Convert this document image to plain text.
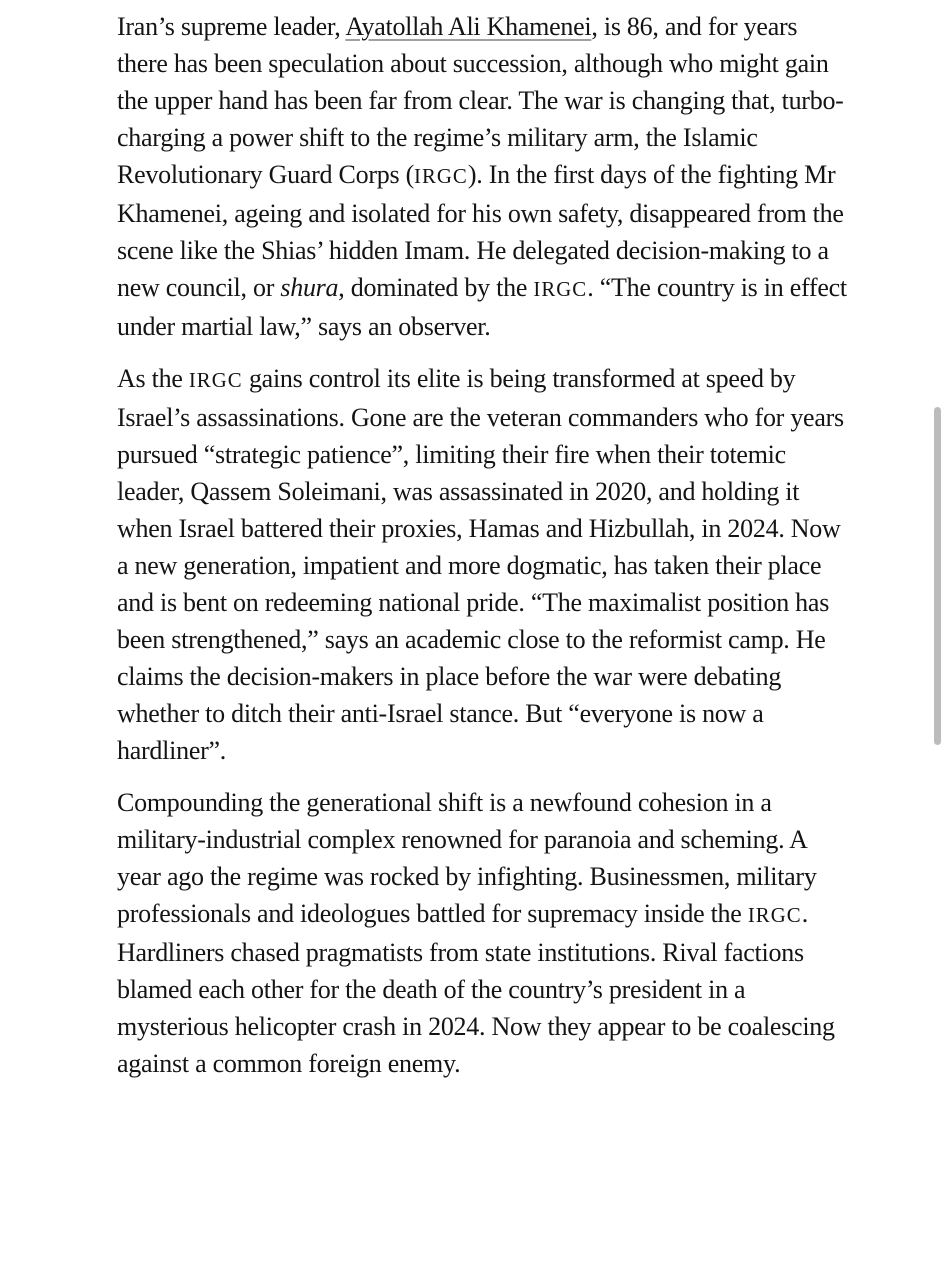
Iran’s supreme leader, Ayatollah Ali Khamenei, is 86, and for years there has been speculation about succession, although who might gain the upper hand has been far from clear. The war is changing that, turbo-charging a power shift to the regime’s military arm, the Islamic Revolutionary Guard Corps (IRGC). In the first days of the fighting Mr Khamenei, ageing and isolated for his own safety, disappeared from the scene like the Shias’ hidden Imam. He delegated decision-making to a new council, or shura, dominated by the IRGC. “The country is in effect under martial law,” says an observer.

As the IRGC gains control its elite is being transformed at speed by Israel’s assassinations. Gone are the veteran commanders who for years pursued “strategic patience”, limiting their fire when their totemic leader, Qassem Soleimani, was assassinated in 2020, and holding it when Israel battered their proxies, Hamas and Hizbullah, in 2024. Now a new generation, impatient and more dogmatic, has taken their place and is bent on redeeming national pride. “The maximalist position has been strengthened,” says an academic close to the reformist camp. He claims the decision-makers in place before the war were debating whether to ditch their anti-Israel stance. But “everyone is now a hardliner”.

Compounding the generational shift is a newfound cohesion in a military-industrial complex renowned for paranoia and scheming. A year ago the regime was rocked by infighting. Businessmen, military professionals and ideologues battled for supremacy inside the IRGC. Hardliners chased pragmatists from state institutions. Rival factions blamed each other for the death of the country’s president in a mysterious helicopter crash in 2024. Now they appear to be coalescing against a common foreign enemy.
